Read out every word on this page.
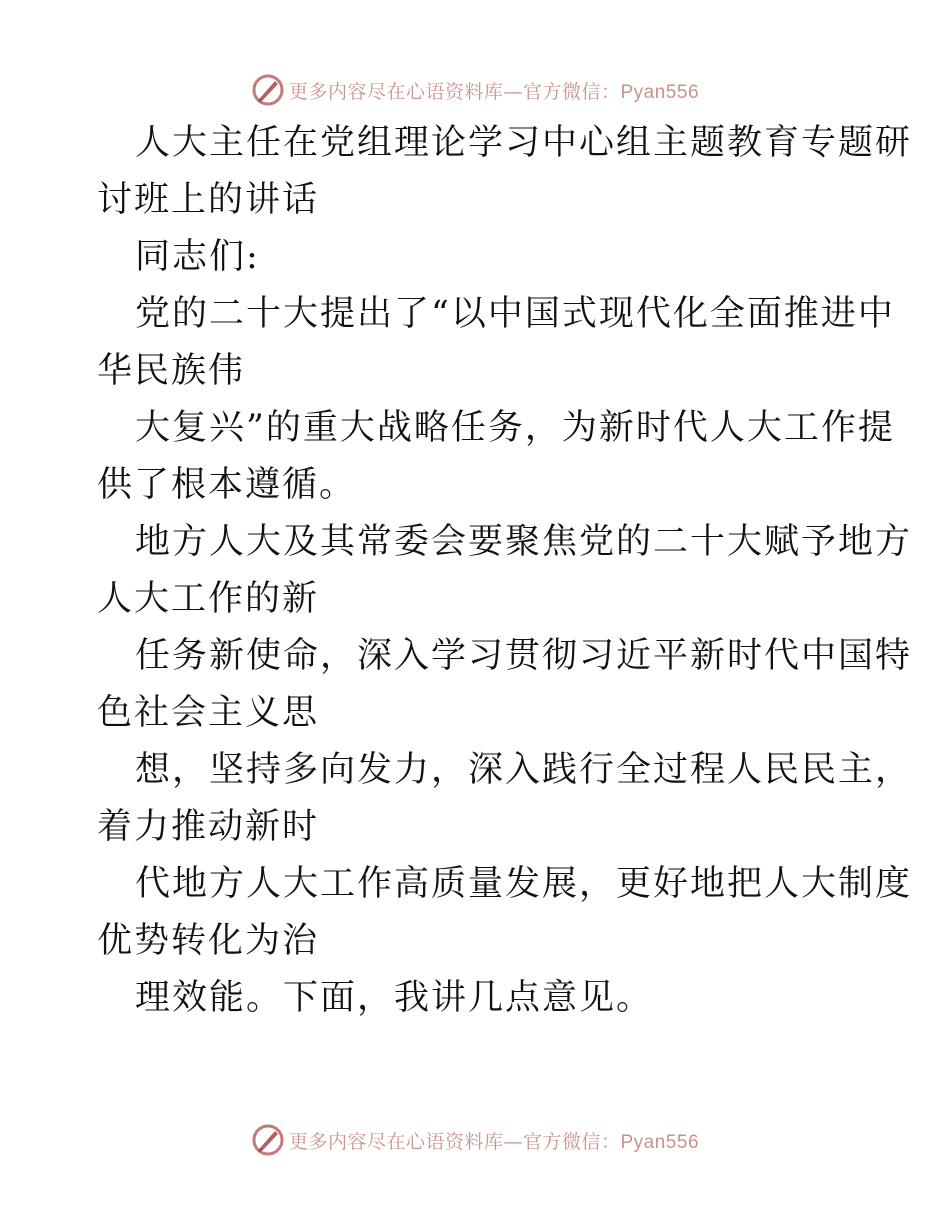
更多内容尽在心语资料库—官方微信：Pyan556
人大主任在党组理论学习中心组主题教育专题研
讨班上的讲话
同志们:
党的二十大提出了“以中国式现代化全面推进中
华民族伟
大复兴”的重大战略任务，为新时代人大工作提
供了根本遵循。
地方人大及其常委会要聚焦党的二十大赋予地方
人大工作的新
任务新使命，深入学习贯彻习近平新时代中国特
色社会主义思
想，坚持多向发力，深入践行全过程人民民主，
着力推动新时
代地方人大工作高质量发展，更好地把人大制度
优势转化为治
理效能。下面，我讲几点意见。
更多内容尽在心语资料库—官方微信：Pyan556
